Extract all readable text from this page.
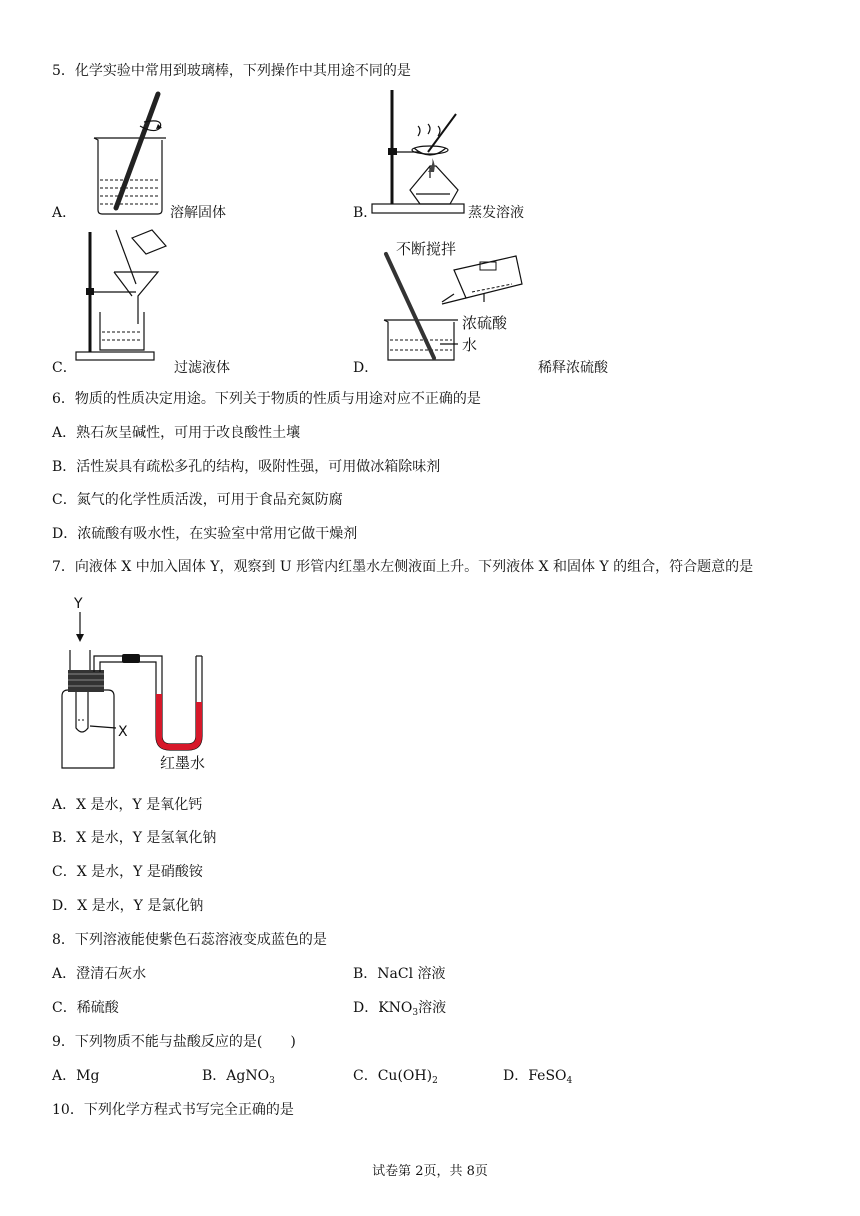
5．化学实验中常用到玻璃棒，下列操作中其用途不同的是
A．	溶解固体	B．	蒸发溶液
C．	过滤液体
不断搅拌
浓硫酸
水
D．	稀释浓硫酸
6．物质的性质决定用途。下列关于物质的性质与用途对应不正确的是
A．熟石灰呈碱性，可用于改良酸性土壤
B．活性炭具有疏松多孔的结构，吸附性强，可用做冰箱除味剂
C．氮气的化学性质活泼，可用于食品充氮防腐
D．浓硫酸有吸水性，在实验室中常用它做干燥剂
7．向液体 X 中加入固体 Y，观察到 U 形管内红墨水左侧液面上升。下列液体 X 和固体 Y 的组合，符合题意的是
Y
X
红墨水
A．X 是水，Y 是氧化钙
B．X 是水，Y 是氢氧化钠
C．X 是水，Y 是硝酸铵
D．X 是水，Y 是氯化钠
8．下列溶液能使紫色石蕊溶液变成蓝色的是
A．澄清石灰水	B．NaCl 溶液
C．稀硫酸	D．$KNO_3$溶液
9．下列物质不能与盐酸反应的是(　　)
A．Mg	B．AgNO$_3$	C．$Cu(OH)_2$	D．FeSO$_4$
10．下列化学方程式书写完全正确的是
试卷第 2页，共 8页
